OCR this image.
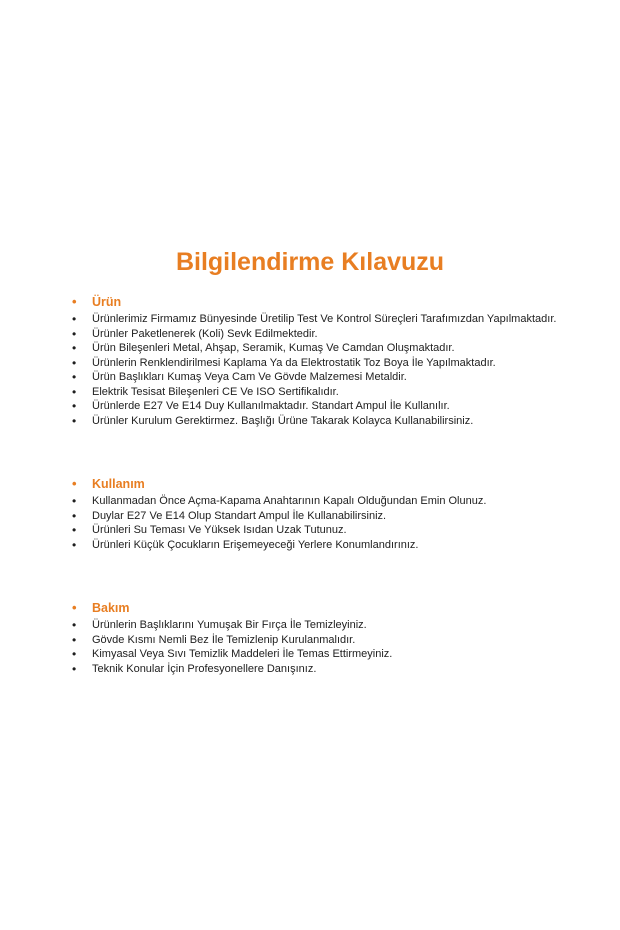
Bilgilendirme Kılavuzu
• Ürün
• Ürünlerimiz Firmamız Bünyesinde Üretilip Test Ve Kontrol Süreçleri Tarafımızdan Yapılmaktadır.
• Ürünler Paketlenerek (Koli) Sevk Edilmektedir.
• Ürün Bileşenleri Metal, Ahşap, Seramik, Kumaş Ve Camdan Oluşmaktadır.
• Ürünlerin Renklendirilmesi Kaplama Ya da Elektrostatik Toz Boya İle Yapılmaktadır.
• Ürün Başlıkları Kumaş Veya Cam Ve Gövde Malzemesi Metaldir.
• Elektrik Tesisat Bileşenleri CE Ve ISO Sertifikalıdır.
• Ürünlerde E27 Ve E14 Duy Kullanılmaktadır. Standart Ampul İle Kullanılır.
• Ürünler Kurulum Gerektirmez. Başlığı Ürüne Takarak Kolayca Kullanabilirsiniz.
• Kullanım
• Kullanmadan Önce Açma-Kapama Anahtarının Kapalı Olduğundan Emin Olunuz.
• Duylar E27 Ve E14 Olup Standart Ampul İle Kullanabilirsiniz.
• Ürünleri Su Teması Ve Yüksek Isıdan Uzak Tutunuz.
• Ürünleri Küçük Çocukların Erişemeyeceği Yerlere Konumlandırınız.
• Bakım
• Ürünlerin Başlıklarını Yumuşak Bir Fırça İle Temizleyiniz.
• Gövde Kısmı Nemli Bez İle Temizlenip Kurulanmalıdır.
• Kimyasal Veya Sıvı Temizlik Maddeleri İle Temas Ettirmeyiniz.
• Teknik Konular İçin Profesyonellere Danışınız.
